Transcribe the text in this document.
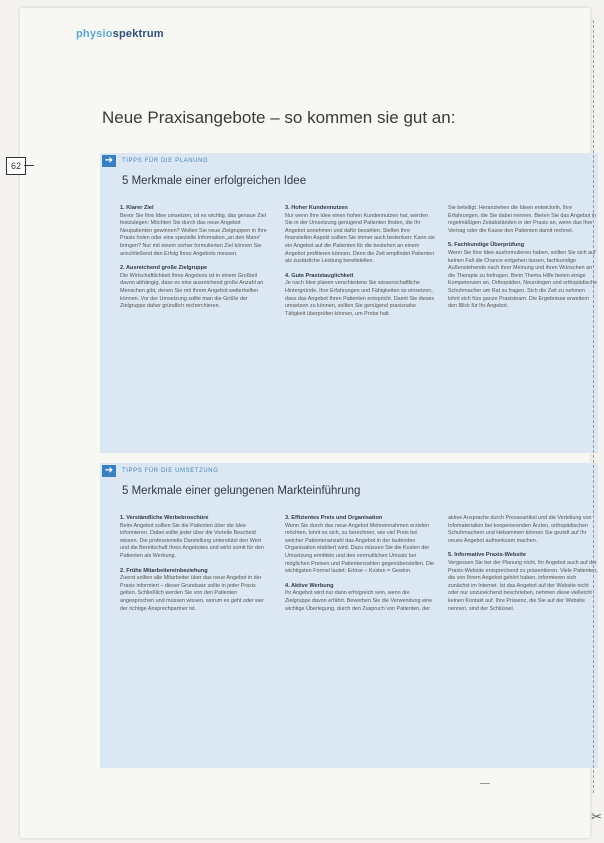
physiospektrum
Neue Praxisangebote – so kommen sie gut an:
➔	TIPPS FÜR DIE PLANUNG
5 Merkmale einer erfolgreichen Idee
1. Klarer Ziel
Bevor Sie Ihre Idee umsetzen, ist es wichtig, das genaue Ziel festzulegen: Möchten Sie durch das neue Angebot Neupatienten gewinnen? Wollen Sie neue Zielgruppen in Ihre Praxis holen oder eine spezielle Information „an den Mann“ bringen? Nur mit einem vorher formulierten Ziel können Sie anschließend den Erfolg Ihres Angebots messen.
2. Ausreichend große Zielgruppe
Die Wirtschaftlichkeit Ihres Angebots ist in einem Großteil davon abhängig, dass es eine ausreichend große Anzahl an Menschen gibt, denen Sie mit Ihrem Angebot weiterhelfen können. Vor der Umsetzung sollte man die Größe der Zielgruppe daher gründlich recherchieren.
3. Hoher Kundennutzen
Nur wenn Ihre Idee einen hohen Kundennutzen hat, werden Sie in der Umsetzung genügend Patienten finden, die Ihr Angebot annehmen und dafür bezahlen. Stellen Ihre finanziellen Aspekt sollten Sie immer auch bedenken: Kann sie ein Angebot auf die Patienten für die bestehen an einem Angebot profitieren können. Denn die Zeit empfindet Patienten als zusätzliche Leistung bereitstellen.
4. Gute Praxistauglichkeit
Je nach Idee planen verschiedene Sie wissenschaftliche Hintergründe, Ihre Erfahrungen und Fähigkeiten so einsetzen, dass das Angebot Ihren Patienten entspricht. Damit Sie dieses umsetzen zu können, sollten Sie genügend praxisnahe Tätigkeit überprüfen können, um Probe halt.
Sie beteiligt. Heranziehen die Ideen entwickeln, Ihre Erfahrungen, die Sie dabei nennen. Bieten Sie das Angebot in regelmäßigen Zeitabständen in der Praxis an, wenn das Ihre Vertrag oder die Kasse den Patienten damit rechnet.
5. Fachkundige Überprüfung
Wenn Sie Ihre Idee ausformulieren haben, sollten Sie sich auf keinen Fall die Chance entgehen lassen, fachkundige Außenstehende nach ihrer Meinung und ihren Wünschen an die Therapie zu befragen. Beim Thema Hilfe bieten einige Kompetenzen an, Orthopäden, Neurologen und orthopädische Schuhmacher um Rat zu fragen. Sich die Zeit zu nehmen lohnt sich fürs ganze Praxisteam. Die Ergebnisse erweitern den Blick für Ihr Angebot.
➔	TIPPS FÜR DIE UMSETZUNG
5 Merkmale einer gelungenen Markteinführung
1. Verständliche Werbebroschüre
Beim Angebot sollten Sie die Patienten über die Idee informieren. Dabei sollte jeder über die Vorteile Bescheid wissen. Die professionelle Darstellung unterstützt den Wert und die Bereitschaft Ihres Angebotes und wirkt somit für den Patienten als Werbung.
2. Frühe Mitarbeitereinbeziehung
Zuerst sollten alle Mitarbeiter über das neue Angebot in der Praxis informiert – dieser Grundsatz sollte in jeder Praxis gelten. Schließlich werden Sie von den Patienten angesprochen und müssen wissen, worum es geht oder wer der richtige Ansprechpartner ist.
3. Effizientes Preis und Organisation
Wenn Sie durch das neue Angebot Mehreinnahmen erzielen möchten, lohnt es sich, zu berechnen, wie viel Preis bei welcher Patientenanzahl das Angebot in der laufenden Organisation etabliert wird. Dazu müssen Sie die Kosten der Umsetzung ermitteln und den vermutlichen Umsatz bei möglichen Preisen und Patientenzahlen gegenüberstellen. Die wichtigsten Formel lautet: Erlöse – Kosten = Gewinn.
4. Aktive Werbung
Ihr Angebot wird nur dann erfolgreich sein, wenn die Zielgruppe davon erfährt. Bewerben Sie die Verwendung eine wichtige Überlegung, durch den Zuspruch von Patienten, der
aktive Ansprache durch Presseartikel und die Verteilung von Infomaterialien bei kooperierenden Ärzten, orthopädischen Schuhmachern und Hebammen können Sie gezielt auf Ihr neues Angebot aufmerksam machen.
5. Informative Praxis-Website
Vergessen Sie bei der Planung nicht, Ihr Angebot auch auf der Praxis-Website entsprechend zu präsentieren. Viele Patienten, die von Ihrem Angebot gehört haben, informieren sich zunächst im Internet. Ist das Angebot auf der Website nicht oder nur unzureichend beschrieben, nehmen diese vielleicht keinen Kontakt auf. Ihre Präsenz, die Sie auf der Website nennen, sind der Schlüssel.
62
✂
